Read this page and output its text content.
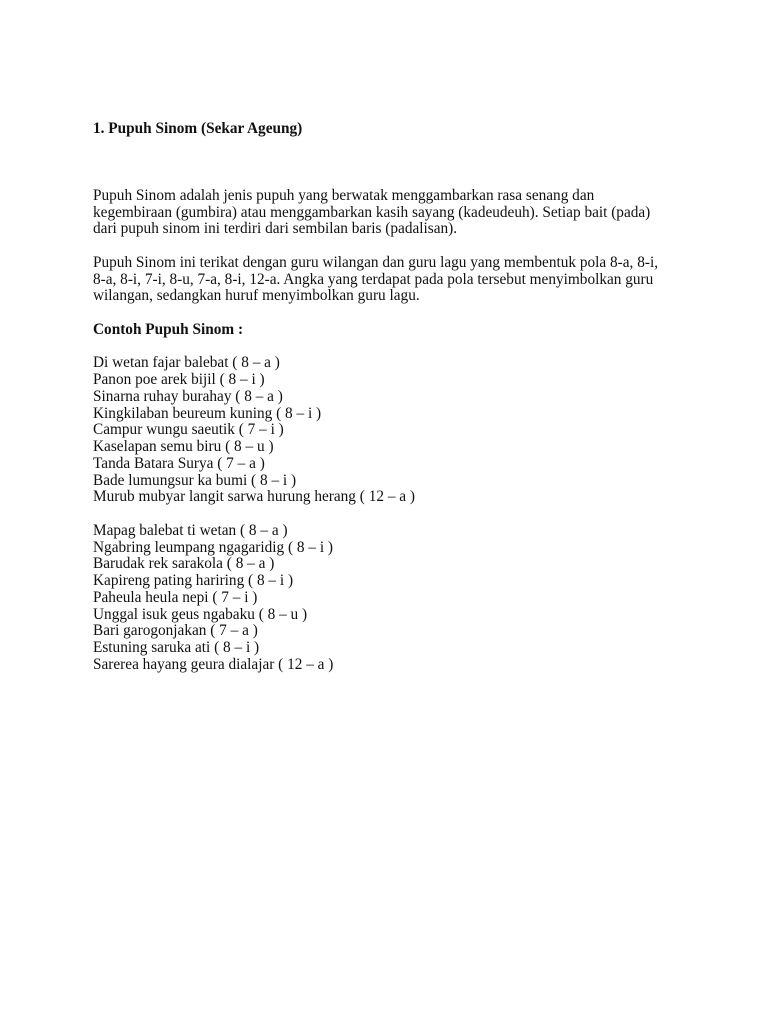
1. Pupuh Sinom (Sekar Ageung)

Pupuh Sinom adalah jenis pupuh yang berwatak menggambarkan rasa senang dan
kegembiraan (gumbira) atau menggambarkan kasih sayang (kadeudeuh). Setiap bait (pada)
dari pupuh sinom ini terdiri dari sembilan baris (padalisan).

Pupuh Sinom ini terikat dengan guru wilangan dan guru lagu yang membentuk pola 8-a, 8-i,
8-a, 8-i, 7-i, 8-u, 7-a, 8-i, 12-a. Angka yang terdapat pada pola tersebut menyimbolkan guru
wilangan, sedangkan huruf menyimbolkan guru lagu.

Contoh Pupuh Sinom :

Di wetan fajar balebat ( 8 – a )
Panon poe arek bijil ( 8 – i )
Sinarna ruhay burahay ( 8 – a )
Kingkilaban beureum kuning ( 8 – i )
Campur wungu saeutik ( 7 – i )
Kaselapan semu biru ( 8 – u )
Tanda Batara Surya ( 7 – a )
Bade lumungsur ka bumi ( 8 – i )
Murub mubyar langit sarwa hurung herang ( 12 – a )
Mapag balebat ti wetan ( 8 – a )
Ngabring leumpang ngagaridig ( 8 – i )
Barudak rek sarakola ( 8 – a )
Kapireng pating hariring ( 8 – i )
Paheula heula nepi ( 7 – i )
Unggal isuk geus ngabaku ( 8 – u )
Bari garogonjakan ( 7 – a )
Estuning saruka ati ( 8 – i )
Sarerea hayang geura dialajar ( 12 – a )
